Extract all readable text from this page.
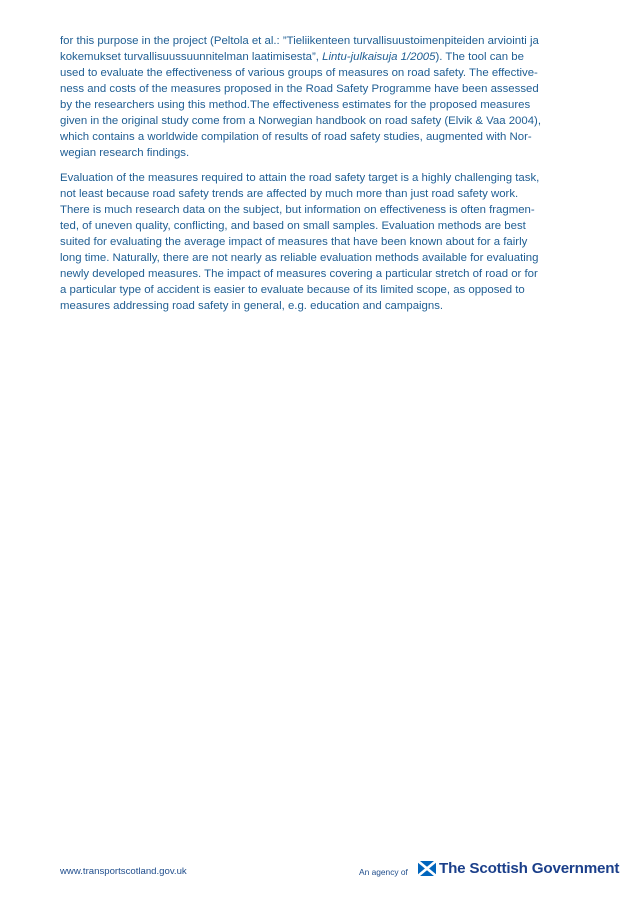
for this purpose in the project (Peltola et al.: ”Tieliikenteen turvallisuustoimenpiteiden arviointi ja
kokemukset turvallisuussuunnitelman laatimisesta”, Lintu-julkaisuja 1/2005). The tool can be
used to evaluate the effectiveness of various groups of measures on road safety. The effective-
ness and costs of the measures proposed in the Road Safety Programme have been assessed
by the researchers using this method.The effectiveness estimates for the proposed measures
given in the original study come from a Norwegian handbook on road safety (Elvik & Vaa 2004),
which contains a worldwide compilation of results of road safety studies, augmented with Nor-
wegian research findings.

Evaluation of the measures required to attain the road safety target is a highly challenging task,
not least because road safety trends are affected by much more than just road safety work.
There is much research data on the subject, but information on effectiveness is often fragmen-
ted, of uneven quality, conflicting, and based on small samples. Evaluation methods are best
suited for evaluating the average impact of measures that have been known about for a fairly
long time. Naturally, there are not nearly as reliable evaluation methods available for evaluating
newly developed measures. The impact of measures covering a particular stretch of road or for
a particular type of accident is easier to evaluate because of its limited scope, as opposed to
measures addressing road safety in general, e.g. education and campaigns.

www.transportscotland.gov.uk	An agency of The Scottish Government
